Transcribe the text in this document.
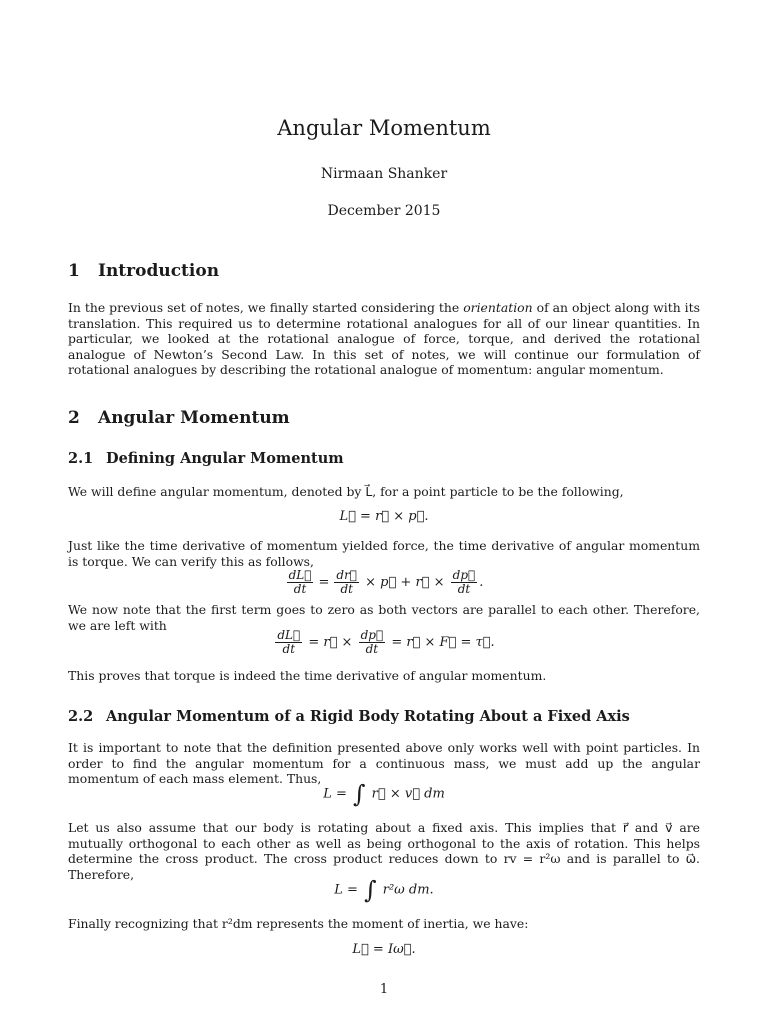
Angular Momentum
Nirmaan Shanker
December 2015
1 Introduction
In the previous set of notes, we finally started considering the orientation of an object along with its translation. This required us to determine rotational analogues for all of our linear quantities. In particular, we looked at the rotational analogue of force, torque, and derived the rotational analogue of Newton’s Second Law. In this set of notes, we will continue our formulation of rotational analogues by describing the rotational analogue of momentum: angular momentum.
2 Angular Momentum
2.1 Defining Angular Momentum
We will define angular momentum, denoted by L⃗, for a point particle to be the following,
L⃗ = r⃗ × p⃗.
Just like the time derivative of momentum yielded force, the time derivative of angular momentum is torque. We can verify this as follows,
$\frac{dL⃗}{dt} = \frac{dr⃗}{dt}$ × p⃗ + r⃗ × $\frac{dp⃗}{dt}$ .
We now note that the first term goes to zero as both vectors are parallel to each other. Therefore, we are left with
$\frac{dL⃗}{dt}$ = r⃗ × $\frac{dp⃗}{dt}$ = r⃗ × F⃗ = τ⃗.
This proves that torque is indeed the time derivative of angular momentum.
2.2 Angular Momentum of a Rigid Body Rotating About a Fixed Axis
It is important to note that the definition presented above only works well with point particles. In order to find the angular momentum for a continuous mass, we must add up the angular momentum of each mass element. Thus,
L = ∫ r⃗ × v⃗ dm
Let us also assume that our body is rotating about a fixed axis. This implies that r⃗ and v⃗ are mutually orthogonal to each other as well as being orthogonal to the axis of rotation. This helps determine the cross product. The cross product reduces down to rv = r²ω and is parallel to ω⃗. Therefore,
L = ∫ r²ω dm.
Finally recognizing that r²dm represents the moment of inertia, we have:
L⃗ = Iω⃗.
1
